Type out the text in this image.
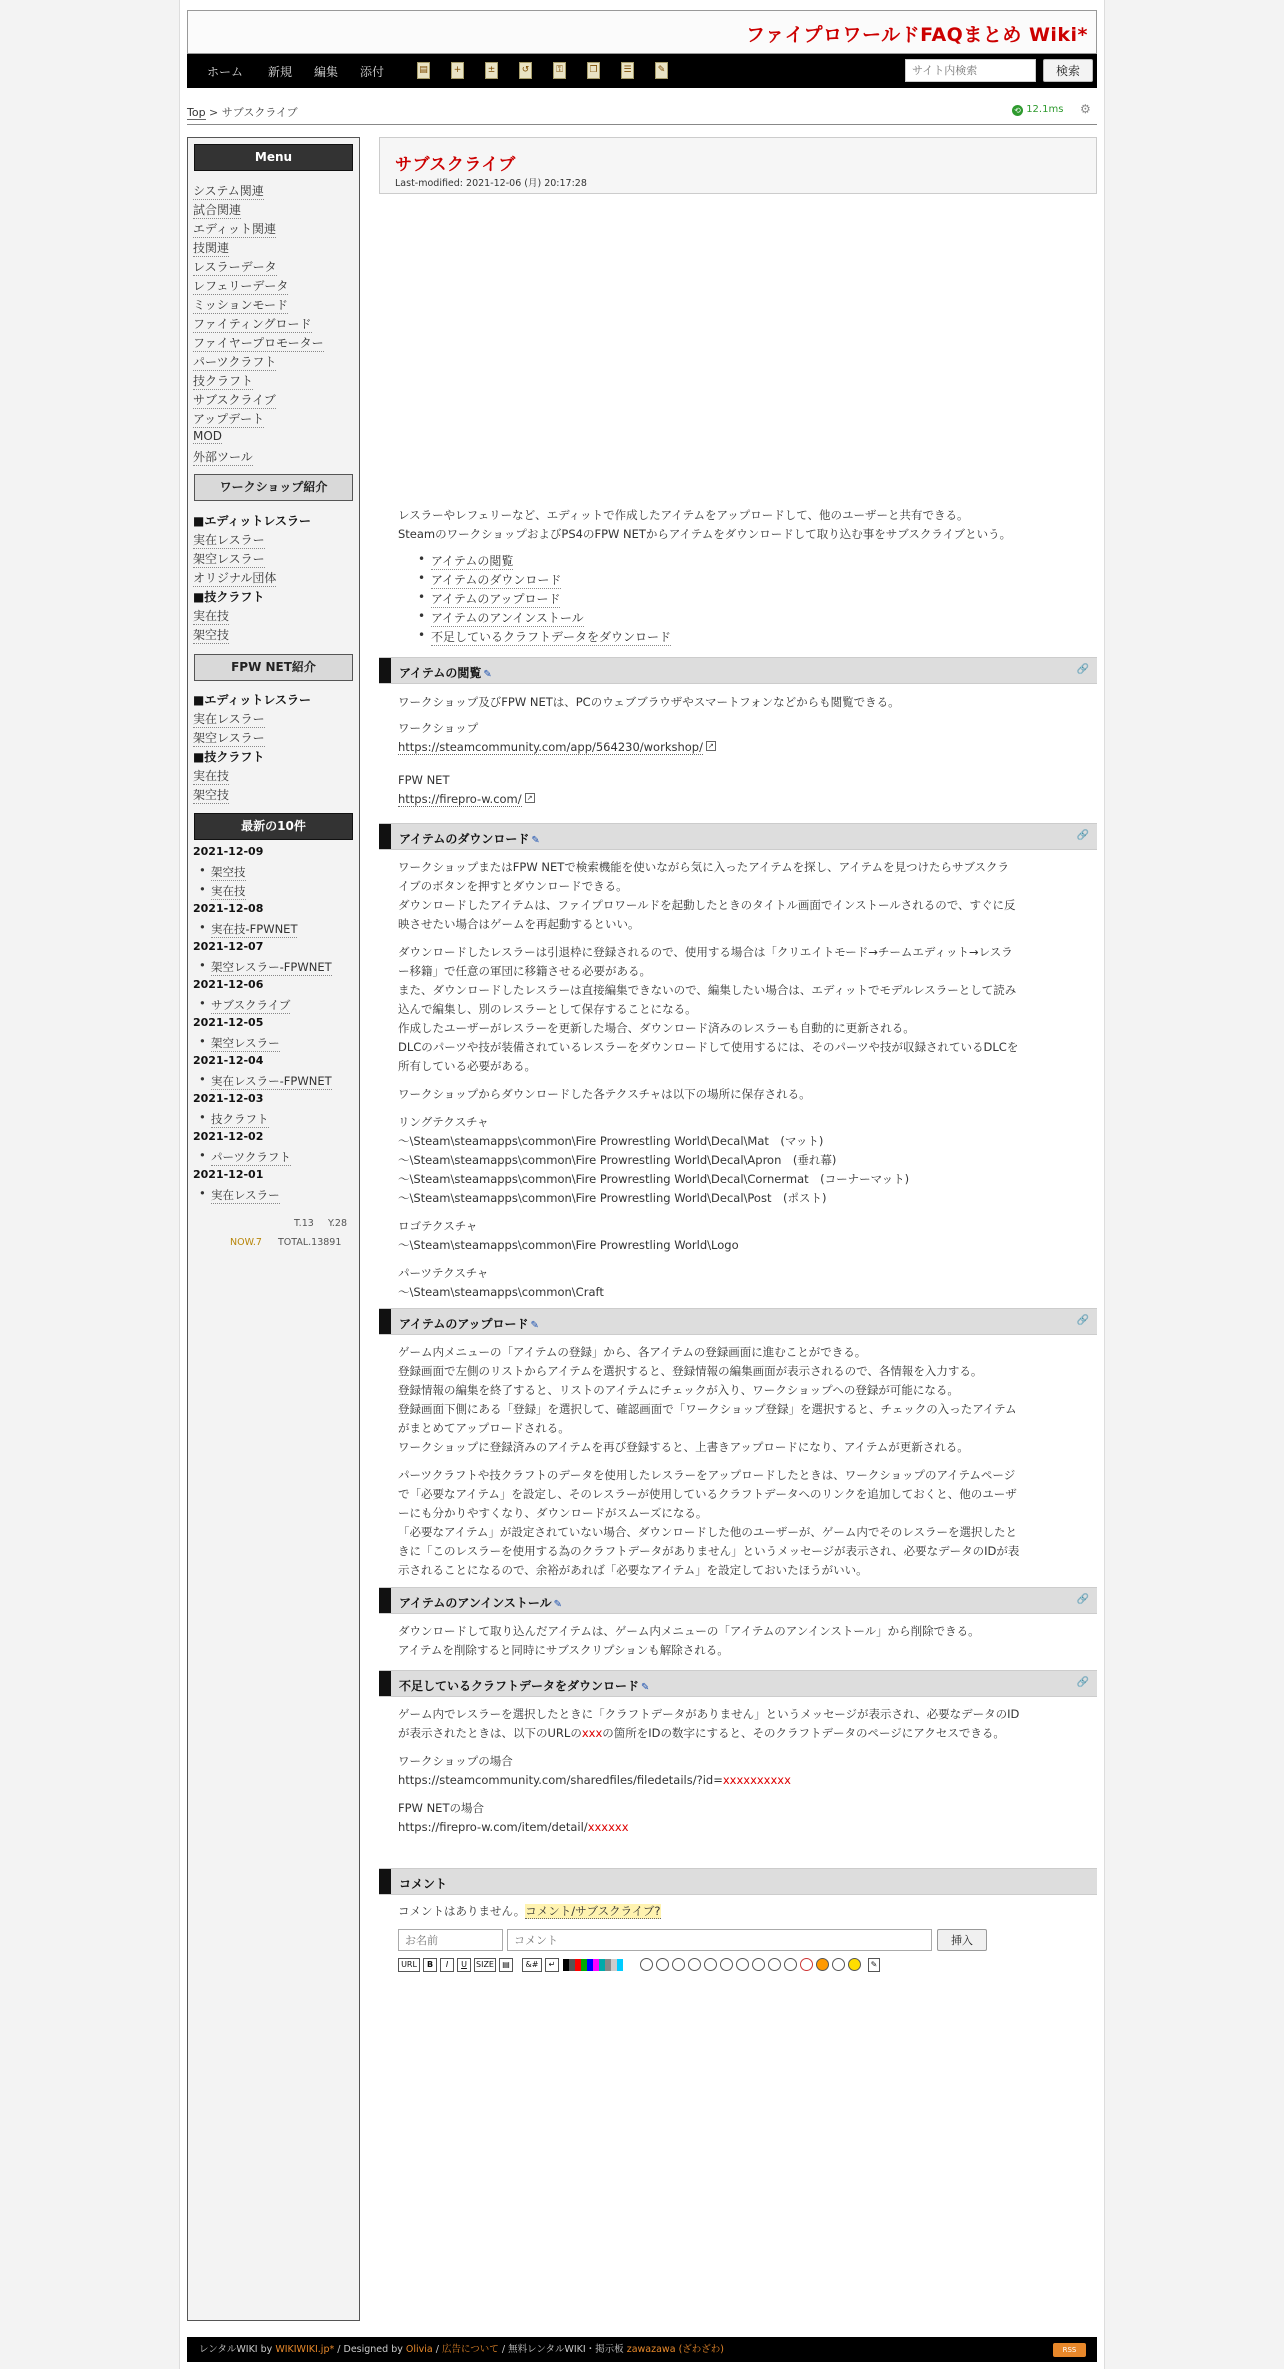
ファイプロワールドFAQまとめ Wiki*
ホーム 新規 編集 添付	▤	+	±	↺	⚿	❐	☰	✎
サイト内検索	検索
Top > サブスクライブ	⟲ 12.1ms ⚙
Menu
システム関連
試合関連
エディット関連
技関連
レスラーデータ
レフェリーデータ
ミッションモード
ファイティングロード
ファイヤープロモーター
パーツクラフト
技クラフト
サブスクライブ
アップデート
MOD
外部ツール
ワークショップ紹介
■エディットレスラー
実在レスラー
架空レスラー
オリジナル団体
■技クラフト
実在技
架空技
FPW NET紹介
■エディットレスラー
実在レスラー
架空レスラー
■技クラフト
実在技
架空技
最新の10件
2021-12-09
• 架空技
• 実在技
2021-12-08
• 実在技-FPWNET
2021-12-07
• 架空レスラー-FPWNET
2021-12-06
• サブスクライブ
2021-12-05
• 架空レスラー
2021-12-04
• 実在レスラー-FPWNET
2021-12-03
• 技クラフト
2021-12-02
• パーツクラフト
2021-12-01
• 実在レスラー
T.13 Y.28
NOW.7 TOTAL.13891
サブスクライブ
Last-modified: 2021-12-06 (月) 20:17:28
レスラーやレフェリーなど、エディットで作成したアイテムをアップロードして、他のユーザーと共有できる。
SteamのワークショップおよびPS4のFPW NETからアイテムをダウンロードして取り込む事をサブスクライブという。
• アイテムの閲覧
• アイテムのダウンロード
• アイテムのアップロード
• アイテムのアンインストール
• 不足しているクラフトデータをダウンロード
アイテムの閲覧 ✎	🔗
ワークショップ及びFPW NETは、PCのウェブブラウザやスマートフォンなどからも閲覧できる。
ワークショップ
https://steamcommunity.com/app/564230/workshop/ ↗
FPW NET
https://firepro-w.com/ ↗
アイテムのダウンロード ✎	🔗
ワークショップまたはFPW NETで検索機能を使いながら気に入ったアイテムを探し、アイテムを見つけたらサブスクラ
イブのボタンを押すとダウンロードできる。
ダウンロードしたアイテムは、ファイプロワールドを起動したときのタイトル画面でインストールされるので、すぐに反
映させたい場合はゲームを再起動するといい。
ダウンロードしたレスラーは引退枠に登録されるので、使用する場合は「クリエイトモード→チームエディット→レスラ
ー移籍」で任意の軍団に移籍させる必要がある。
また、ダウンロードしたレスラーは直接編集できないので、編集したい場合は、エディットでモデルレスラーとして読み
込んで編集し、別のレスラーとして保存することになる。
作成したユーザーがレスラーを更新した場合、ダウンロード済みのレスラーも自動的に更新される。
DLCのパーツや技が装備されているレスラーをダウンロードして使用するには、そのパーツや技が収録されているDLCを
所有している必要がある。
ワークショップからダウンロードした各テクスチャは以下の場所に保存される。
リングテクスチャ
～\Steam\steamapps\common\Fire Prowrestling World\Decal\Mat　(マット)
～\Steam\steamapps\common\Fire Prowrestling World\Decal\Apron　(垂れ幕)
～\Steam\steamapps\common\Fire Prowrestling World\Decal\Cornermat　(コーナーマット)
～\Steam\steamapps\common\Fire Prowrestling World\Decal\Post　(ポスト)
ロゴテクスチャ
～\Steam\steamapps\common\Fire Prowrestling World\Logo
パーツテクスチャ
～\Steam\steamapps\common\Craft
アイテムのアップロード ✎	🔗
ゲーム内メニューの「アイテムの登録」から、各アイテムの登録画面に進むことができる。
登録画面で左側のリストからアイテムを選択すると、登録情報の編集画面が表示されるので、各情報を入力する。
登録情報の編集を終了すると、リストのアイテムにチェックが入り、ワークショップへの登録が可能になる。
登録画面下側にある「登録」を選択して、確認画面で「ワークショップ登録」を選択すると、チェックの入ったアイテム
がまとめてアップロードされる。
ワークショップに登録済みのアイテムを再び登録すると、上書きアップロードになり、アイテムが更新される。
パーツクラフトや技クラフトのデータを使用したレスラーをアップロードしたときは、ワークショップのアイテムページ
で「必要なアイテム」を設定し、そのレスラーが使用しているクラフトデータへのリンクを追加しておくと、他のユーザ
ーにも分かりやすくなり、ダウンロードがスムーズになる。
「必要なアイテム」が設定されていない場合、ダウンロードした他のユーザーが、ゲーム内でそのレスラーを選択したと
きに「このレスラーを使用する為のクラフトデータがありません」というメッセージが表示され、必要なデータのIDが表
示されることになるので、余裕があれば「必要なアイテム」を設定しておいたほうがいい。
アイテムのアンインストール ✎	🔗
ダウンロードして取り込んだアイテムは、ゲーム内メニューの「アイテムのアンインストール」から削除できる。
アイテムを削除すると同時にサブスクリプションも解除される。
不足しているクラフトデータをダウンロード ✎	🔗
ゲーム内でレスラーを選択したときに「クラフトデータがありません」というメッセージが表示され、必要なデータのID
が表示されたときは、以下のURLのxxxの箇所をIDの数字にすると、そのクラフトデータのページにアクセスできる。
ワークショップの場合
https://steamcommunity.com/sharedfiles/filedetails/?id=xxxxxxxxxx
FPW NETの場合
https://firepro-w.com/item/detail/xxxxxx
コメント
コメントはありません。コメント/サブスクライブ?
お名前
コメント
挿入
URL	B	I	U	SIZE	▤	&#	↵	✎
レンタルWIKI by WIKIWIKI.jp* / Designed by Olivia / 広告について / 無料レンタルWIKI・掲示板 zawazawa (ざわざわ)	RSS
